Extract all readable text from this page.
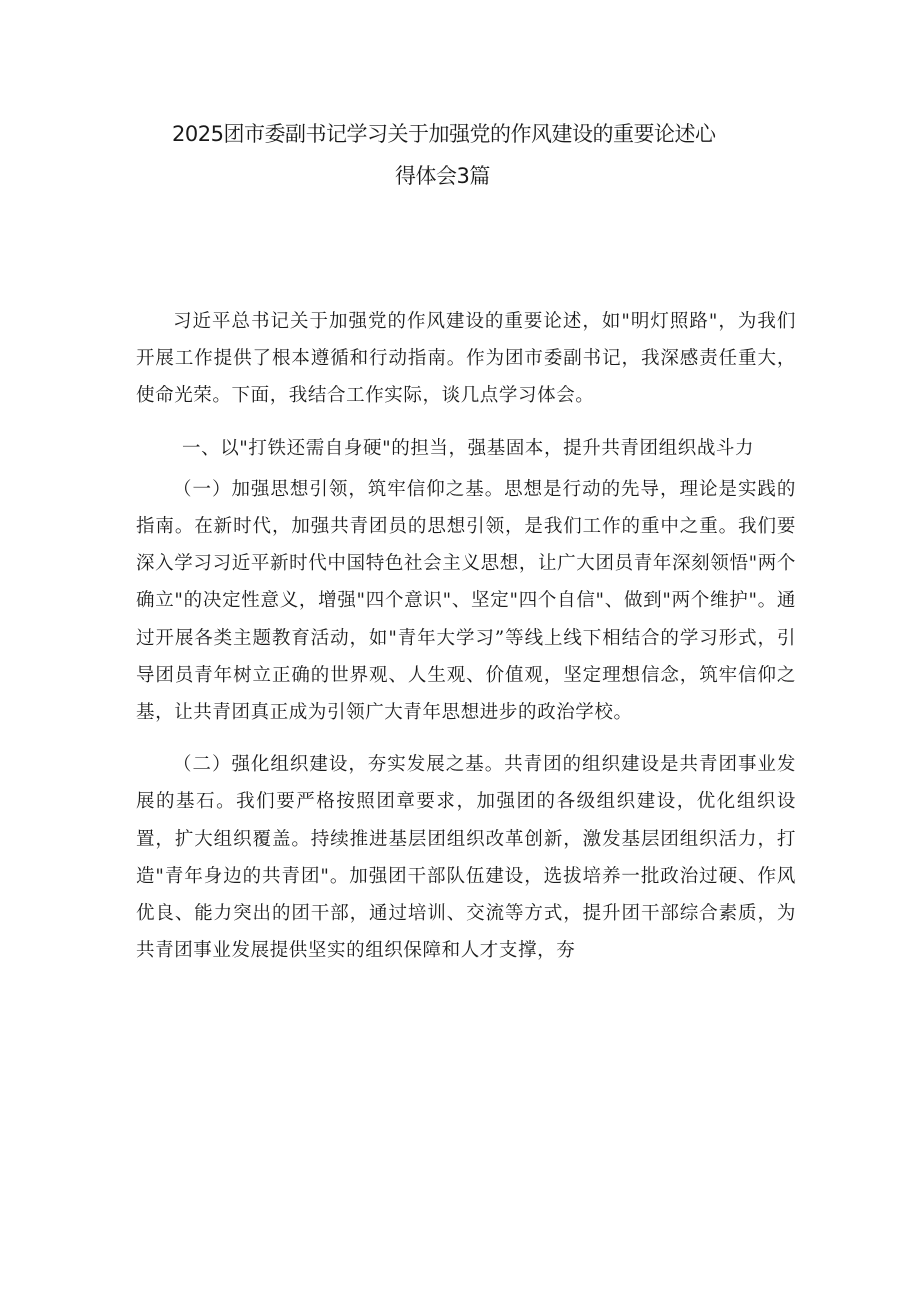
2025团市委副书记学习关于加强党的作风建设的重要论述心
得体会3篇

习近平总书记关于加强党的作风建设的重要论述，如"明灯照路"，为我们开展工作提供了根本遵循和行动指南。作为团市委副书记，我深感责任重大，使命光荣。下面，我结合工作实际，谈几点学习体会。

一、以"打铁还需自身硬"的担当，强基固本，提升共青团组织战斗力

（一）加强思想引领，筑牢信仰之基。思想是行动的先导，理论是实践的指南。在新时代，加强共青团员的思想引领，是我们工作的重中之重。我们要深入学习习近平新时代中国特色社会主义思想，让广大团员青年深刻领悟"两个确立"的决定性意义，增强"四个意识"、坚定"四个自信"、做到"两个维护"。通过开展各类主题教育活动，如"青年大学习”等线上线下相结合的学习形式，引导团员青年树立正确的世界观、人生观、价值观，坚定理想信念，筑牢信仰之基，让共青团真正成为引领广大青年思想进步的政治学校。

（二）强化组织建设，夯实发展之基。共青团的组织建设是共青团事业发展的基石。我们要严格按照团章要求，加强团的各级组织建设，优化组织设置，扩大组织覆盖。持续推进基层团组织改革创新，激发基层团组织活力，打造"青年身边的共青团"。加强团干部队伍建设，选拔培养一批政治过硬、作风优良、能力突出的团干部，通过培训、交流等方式，提升团干部综合素质，为共青团事业发展提供坚实的组织保障和人才支撑，夯
